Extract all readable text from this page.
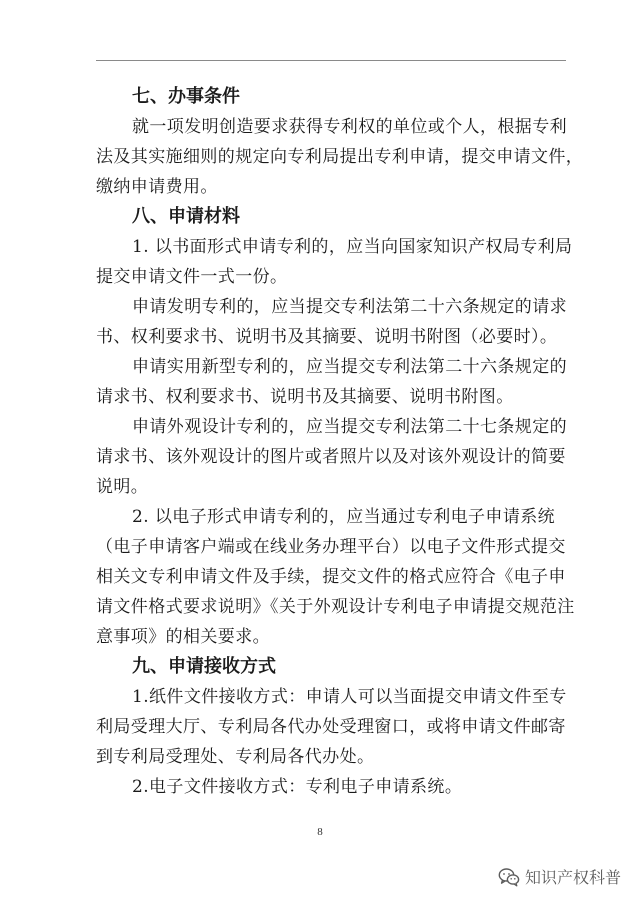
七、办事条件

就一项发明创造要求获得专利权的单位或个人，根据专利

法及其实施细则的规定向专利局提出专利申请，提交申请文件，

缴纳申请费用。

八、申请材料

1. 以书面形式申请专利的，应当向国家知识产权局专利局

提交申请文件一式一份。

申请发明专利的，应当提交专利法第二十六条规定的请求

书、权利要求书、说明书及其摘要、说明书附图（必要时）。

申请实用新型专利的，应当提交专利法第二十六条规定的

请求书、权利要求书、说明书及其摘要、说明书附图。

申请外观设计专利的，应当提交专利法第二十七条规定的

请求书、该外观设计的图片或者照片以及对该外观设计的简要

说明。

2. 以电子形式申请专利的，应当通过专利电子申请系统

（电子申请客户端或在线业务办理平台）以电子文件形式提交

相关文专利申请文件及手续，提交文件的格式应符合《电子申

请文件格式要求说明》《关于外观设计专利电子申请提交规范注

意事项》的相关要求。

九、申请接收方式

1.纸件文件接收方式：申请人可以当面提交申请文件至专

利局受理大厅、专利局各代办处受理窗口，或将申请文件邮寄

到专利局受理处、专利局各代办处。

2.电子文件接收方式：专利电子申请系统。

8
知识产权科普
